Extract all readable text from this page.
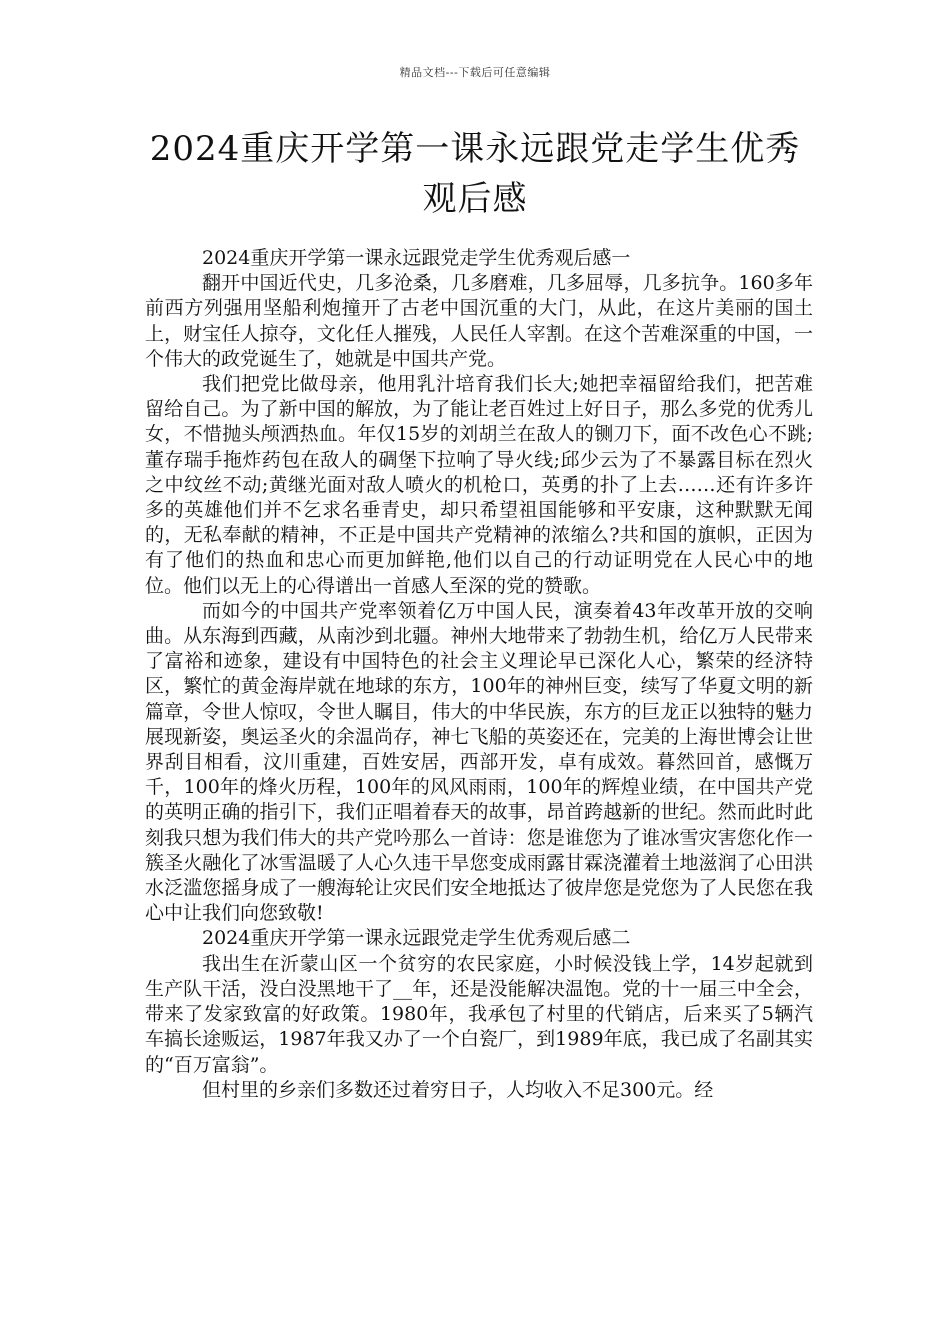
精品文档---下载后可任意编辑
2024重庆开学第一课永远跟党走学生优秀
观后感

2024重庆开学第一课永远跟党走学生优秀观后感一

翻开中国近代史，几多沧桑，几多磨难，几多屈辱，几多抗争。160多年前西方列强用坚船利炮撞开了古老中国沉重的大门，从此，在这片美丽的国土上，财宝任人掠夺，文化任人摧残，人民任人宰割。在这个苦难深重的中国，一个伟大的政党诞生了，她就是中国共产党。

我们把党比做母亲，他用乳汁培育我们长大;她把幸福留给我们，把苦难留给自己。为了新中国的解放，为了能让老百姓过上好日子，那么多党的优秀儿女，不惜抛头颅洒热血。年仅15岁的刘胡兰在敌人的铡刀下，面不改色心不跳;董存瑞手拖炸药包在敌人的碉堡下拉响了导火线;邱少云为了不暴露目标在烈火之中纹丝不动;黄继光面对敌人喷火的机枪口，英勇的扑了上去……还有许多许多的英雄他们并不乞求名垂青史，却只希望祖国能够和平安康，这种默默无闻的，无私奉献的精神，不正是中国共产党精神的浓缩么?共和国的旗帜，正因为有了他们的热血和忠心而更加鲜艳,他们以自己的行动证明党在人民心中的地位。他们以无上的心得谱出一首感人至深的党的赞歌。

而如今的中国共产党率领着亿万中国人民，演奏着43年改革开放的交响曲。从东海到西藏，从南沙到北疆。神州大地带来了勃勃生机，给亿万人民带来了富裕和迹象，建设有中国特色的社会主义理论早已深化人心，繁荣的经济特区，繁忙的黄金海岸就在地球的东方，100年的神州巨变，续写了华夏文明的新篇章，令世人惊叹，令世人瞩目，伟大的中华民族，东方的巨龙正以独特的魅力展现新姿，奥运圣火的余温尚存，神七飞船的英姿还在，完美的上海世博会让世界刮目相看，汶川重建，百姓安居，西部开发，卓有成效。暮然回首，感慨万千，100年的烽火历程，100年的风风雨雨，100年的辉煌业绩，在中国共产党的英明正确的指引下，我们正唱着春天的故事，昂首跨越新的世纪。然而此时此刻我只想为我们伟大的共产党吟那么一首诗：您是谁您为了谁冰雪灾害您化作一簇圣火融化了冰雪温暖了人心久违干旱您变成雨露甘霖浇灌着土地滋润了心田洪水泛滥您摇身成了一艘海轮让灾民们安全地抵达了彼岸您是党您为了人民您在我心中让我们向您致敬!

2024重庆开学第一课永远跟党走学生优秀观后感二

我出生在沂蒙山区一个贫穷的农民家庭，小时候没钱上学，14岁起就到生产队干活，没白没黑地干了__年，还是没能解决温饱。党的十一届三中全会，带来了发家致富的好政策。1980年，我承包了村里的代销店，后来买了5辆汽车搞长途贩运，1987年我又办了一个白瓷厂，到1989年底，我已成了名副其实的“百万富翁”。

但村里的乡亲们多数还过着穷日子，人均收入不足300元。经
